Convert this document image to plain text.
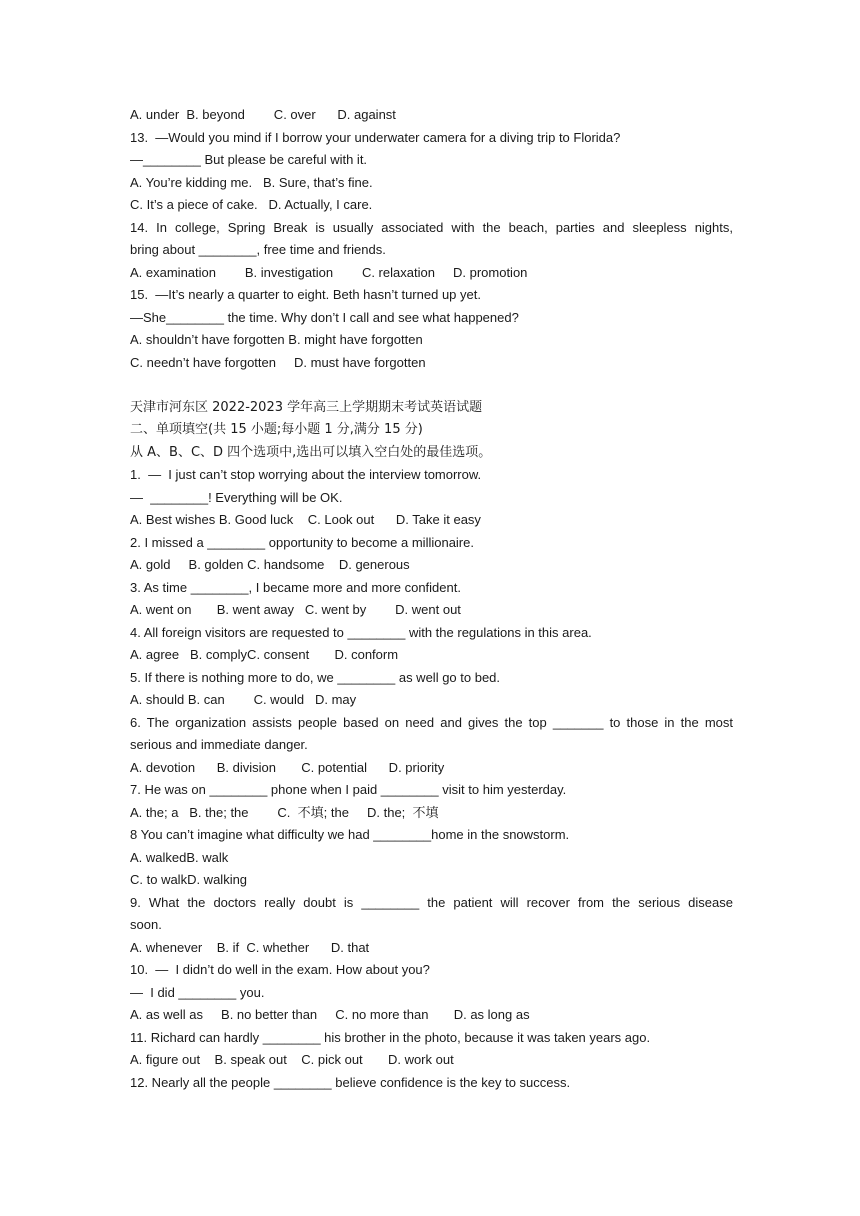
A. under  B. beyond        C. over      D. against
13.  —Would you mind if I borrow your underwater camera for a diving trip to Florida?
—________ But please be careful with it.
A. You’re kidding me.   B. Sure, that’s fine.
C. It’s a piece of cake.   D. Actually, I care.
14. In college, Spring Break is usually associated with the beach, parties and sleepless nights,
bring about ________, free time and friends.
A. examination        B. investigation        C. relaxation     D. promotion
15.  —It’s nearly a quarter to eight. Beth hasn’t turned up yet.
—She________ the time. Why don’t I call and see what happened?
A. shouldn’t have forgotten B. might have forgotten
C. needn’t have forgotten     D. must have forgotten
天津市河东区 2022-2023 学年高三上学期期末考试英语试题
二、单项填空(共 15 小题;每小题 1 分,满分 15 分)
从 A、B、C、D 四个选项中,选出可以填入空白处的最佳选项。
1.  —  I just can’t stop worrying about the interview tomorrow.
—  ________! Everything will be OK.
A. Best wishes B. Good luck    C. Look out      D. Take it easy
2. I missed a ________ opportunity to become a millionaire.
A. gold     B. golden C. handsome    D. generous
3. As time ________, I became more and more confident.
A. went on       B. went away   C. went by        D. went out
4. All foreign visitors are requested to ________ with the regulations in this area.
A. agree   B. complyC. consent       D. conform
5. If there is nothing more to do, we ________ as well go to bed.
A. should B. can        C. would   D. may
6. The organization assists people based on need and gives the top _______ to those in the most
serious and immediate danger.
A. devotion      B. division       C. potential      D. priority
7. He was on ________ phone when I paid ________ visit to him yesterday.
A. the; a   B. the; the        C.  不填; the     D. the;  不填
8 You can’t imagine what difficulty we had ________home in the snowstorm.
A. walkedB. walk
C. to walkD. walking
9. What the doctors really doubt is ________ the patient will recover from the serious disease
soon.
A. whenever    B. if  C. whether      D. that
10.  —  I didn’t do well in the exam. How about you?
—  I did ________ you.
A. as well as     B. no better than     C. no more than       D. as long as
11. Richard can hardly ________ his brother in the photo, because it was taken years ago.
A. figure out    B. speak out    C. pick out       D. work out
12. Nearly all the people ________ believe confidence is the key to success.
